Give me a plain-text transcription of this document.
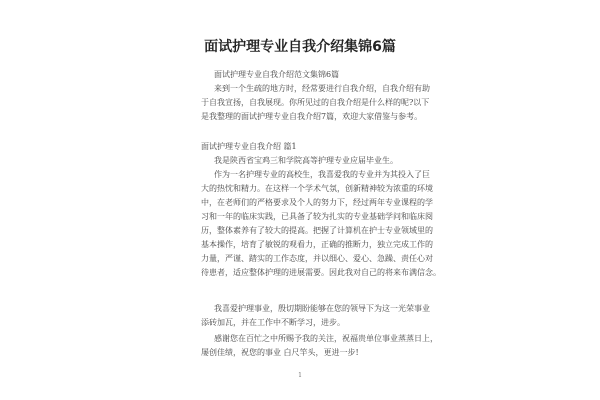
面试护理专业自我介绍集锦6篇
面试护理专业自我介绍范文集锦6篇
来到一个生疏的地方时，经常要进行自我介绍，自我介绍有助
于自我宣扬，自我展现。你所见过的自我介绍是什么样的呢?以下
是我整理的面试护理专业自我介绍7篇，欢迎大家借鉴与参考。
面试护理专业自我介绍 篇1
我是陕西省宝鸡三和学院高等护理专业应届毕业生。
作为一名护理专业的高校生，我喜爱我的专业并为其投入了巨
大的热忱和精力。在这样一个学术气氛，创新精神较为浓重的环境
中，在老师们的严格要求及个人的努力下，经过两年专业课程的学
习和一年的临床实践，已具备了较为扎实的专业基础学问和临床阅
历，整体素养有了较大的提高。把握了计算机在护士专业领域里的
基本操作，培育了敏锐的观看力，正确的推断力，独立完成工作的
力量，严谨、踏实的工作态度，并以细心、爱心、急躁、责任心对
待患者，适应整体护理的进展需要。因此我对自己的将来布满信念。
我喜爱护理事业，殷切期盼能够在您的领导下为这一光荣事业
添砖加瓦，并在工作中不断学习，进步。
感谢您在百忙之中所赐予我的关注，祝福贵单位事业蒸蒸日上，
屡创佳绩，祝您的事业 白尺竿头，更进一步!
1
